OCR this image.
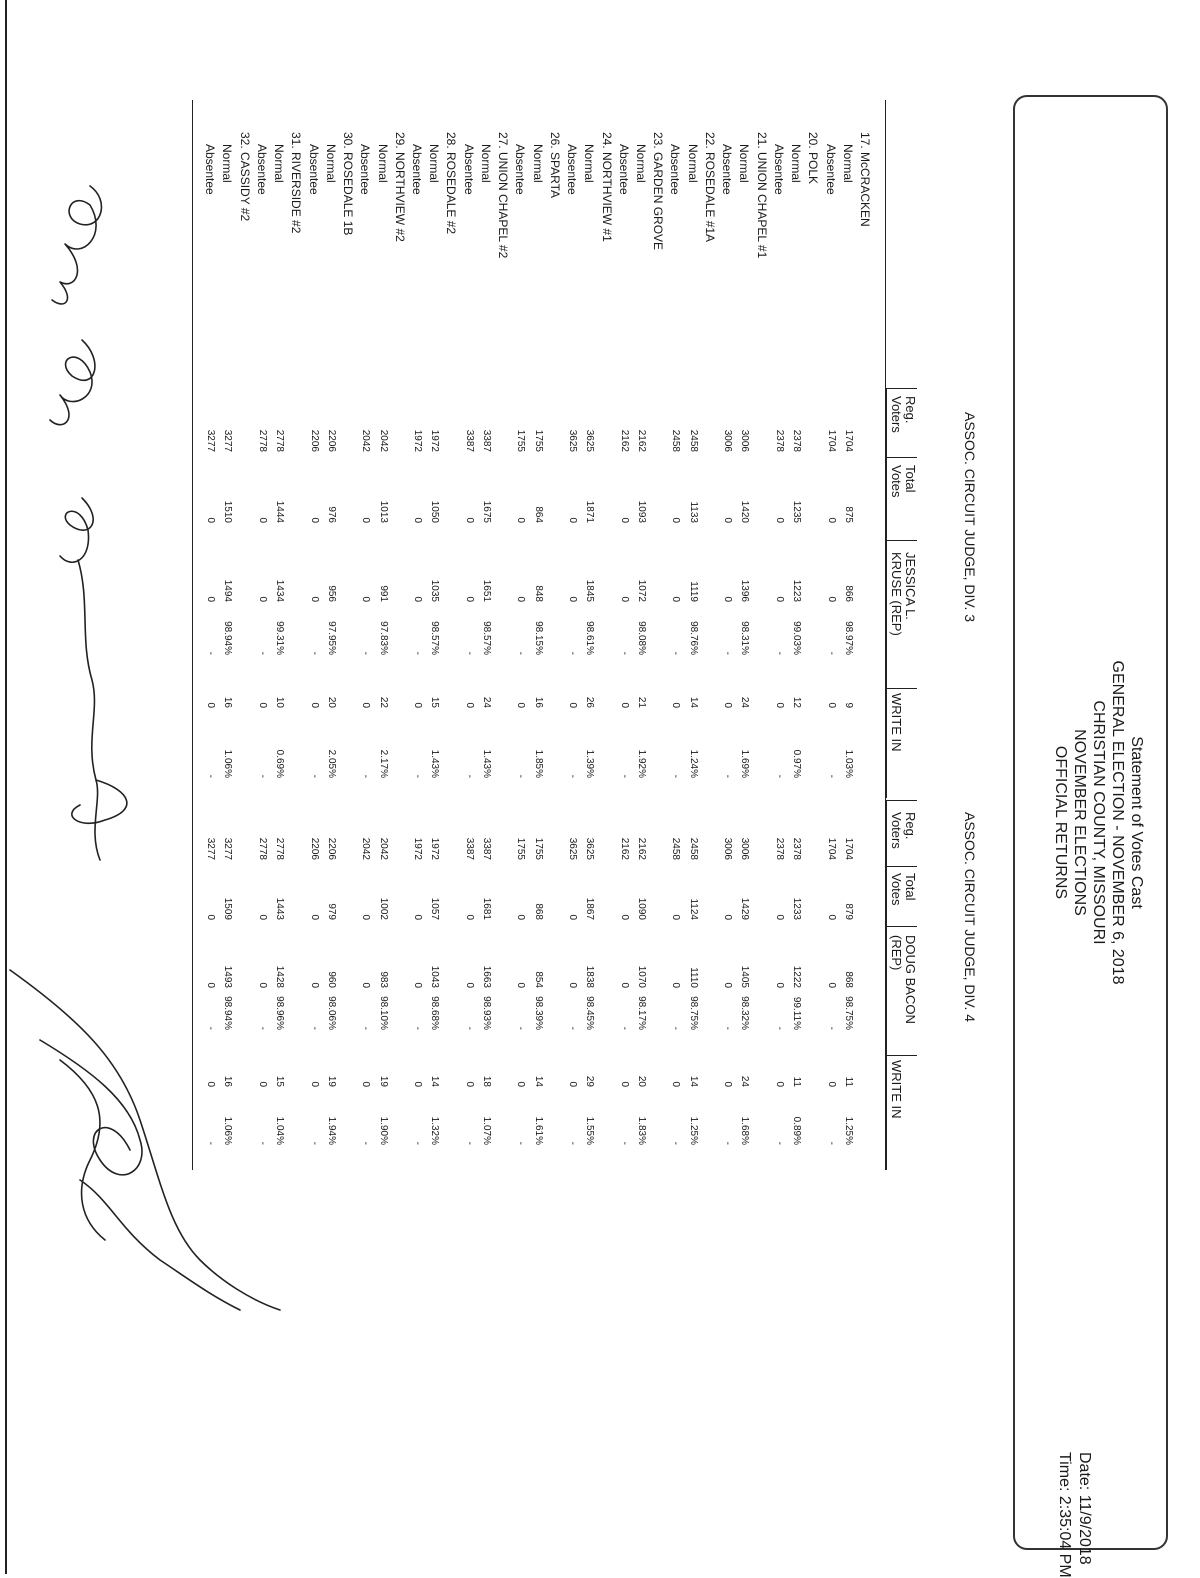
Statement of Votes Cast
GENERAL ELECTION - NOVEMBER 6, 2018
CHRISTIAN COUNTY, MISSOURI
NOVEMBER ELECTIONS
OFFICIAL RETURNS
Date: 11/9/2018
Time: 2:35:04 PM
ASSOC. CIRCUIT JUDGE, DIV. 3
Reg.
Voters
Total
Votes
JESSICA L.
KRUSE (REP)
WRITE IN
ASSOC. CIRCUIT JUDGE, DIV. 4
Reg.
Voters
Total
Votes
DOUG BACON
(REP)
WRITE IN
17. McCRACKEN
Normal
1704
875
866
98.97%
9
1.03%
1704
879
868
98.75%
11
1.25%
Absentee
1704
0
0
-
0
-
1704
0
0
-
0
-
20. POLK
Normal
2378
1235
1223
99.03%
12
0.97%
2378
1233
1222
99.11%
11
0.89%
Absentee
2378
0
0
-
0
-
2378
0
0
-
0
-
21. UNION CHAPEL #1
Normal
3006
1420
1396
98.31%
24
1.69%
3006
1429
1405
98.32%
24
1.68%
Absentee
3006
0
0
-
0
-
3006
0
0
-
0
-
22. ROSEDALE #1A
Normal
2458
1133
1119
98.76%
14
1.24%
2458
1124
1110
98.75%
14
1.25%
Absentee
2458
0
0
-
0
-
2458
0
0
-
0
-
23. GARDEN GROVE
Normal
2162
1093
1072
98.08%
21
1.92%
2162
1090
1070
98.17%
20
1.83%
Absentee
2162
0
0
-
0
-
2162
0
0
-
0
-
24. NORTHVIEW #1
Normal
3625
1871
1845
98.61%
26
1.39%
3625
1867
1838
98.45%
29
1.55%
Absentee
3625
0
0
-
0
-
3625
0
0
-
0
-
26. SPARTA
Normal
1755
864
848
98.15%
16
1.85%
1755
868
854
98.39%
14
1.61%
Absentee
1755
0
0
-
0
-
1755
0
0
-
0
-
27. UNION CHAPEL #2
Normal
3387
1675
1651
98.57%
24
1.43%
3387
1681
1663
98.93%
18
1.07%
Absentee
3387
0
0
-
0
-
3387
0
0
-
0
-
28. ROSEDALE #2
Normal
1972
1050
1035
98.57%
15
1.43%
1972
1057
1043
98.68%
14
1.32%
Absentee
1972
0
0
-
0
-
1972
0
0
-
0
-
29. NORTHVIEW #2
Normal
2042
1013
991
97.83%
22
2.17%
2042
1002
983
98.10%
19
1.90%
Absentee
2042
0
0
-
0
-
2042
0
0
-
0
-
30. ROSEDALE 1B
Normal
2206
976
956
97.95%
20
2.05%
2206
979
960
98.06%
19
1.94%
Absentee
2206
0
0
-
0
-
2206
0
0
-
0
-
31. RIVERSIDE #2
Normal
2778
1444
1434
99.31%
10
0.69%
2778
1443
1428
98.96%
15
1.04%
Absentee
2778
0
0
-
0
-
2778
0
0
-
0
-
32. CASSIDY #2
Normal
3277
1510
1494
98.94%
16
1.06%
3277
1509
1493
98.94%
16
1.06%
Absentee
3277
0
0
-
0
-
3277
0
0
-
0
-
